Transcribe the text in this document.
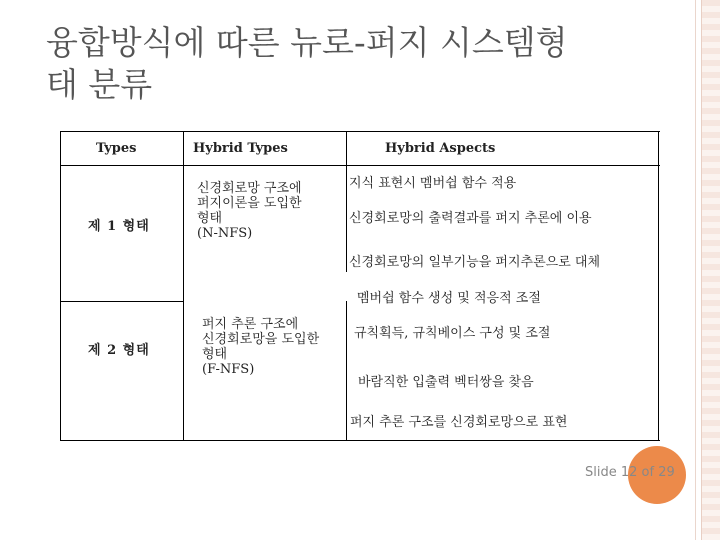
융합방식에 따른 뉴로-퍼지 시스템형
태 분류
Types	Hybrid Types	Hybrid Aspects
제 1 형태
신경회로망 구조에
퍼지이론을 도입한
형태
(N-NFS)
지식 표현시 멤버쉽 함수 적용
신경회로망의 출력결과를 퍼지 추론에 이용
신경회로망의 일부기능을 퍼지추론으로 대체
제 2 형태
퍼지 추론 구조에
신경회로망을 도입한
형태
(F-NFS)
멤버쉽 함수 생성 및 적응적 조절
규칙획득, 규칙베이스 구성 및 조절
바람직한 입출력 벡터쌍을 찾음
퍼지 추론 구조를 신경회로망으로 표현
Slide 12 of 29
